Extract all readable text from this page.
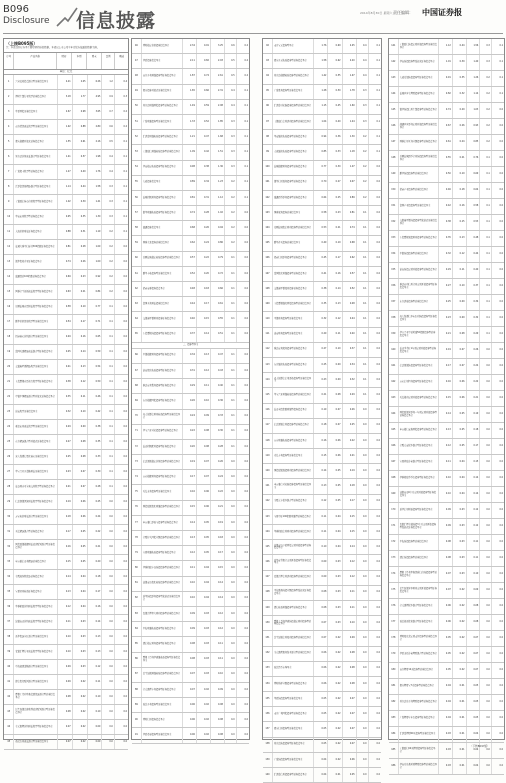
B096
Disclosure 信息披露	2014年8月30日 星期六 责任编辑： 中国证券报
（上接B095版）
注：本表仅列示各类主要财务指标的数据。本表以上市公司半年度报告披露的数据为准。
序号	产品名称	期初	本期	期末	比例	增减
单位：亿元
1	兴全趋势投资混合型证券投资基金	4.21	2.05	6.26	1.2	0.4
2	博时主题行业股票证券投资基金	3.18	1.77	4.95	0.9	0.3
3	华夏回报证券投资基金	2.67	0.98	3.65	0.7	0.2
4	南方绩优成长股票型证券投资基金	1.92	0.88	2.80	0.6	0.2
5	嘉实稳健开放式证券投资基金	1.55	0.61	2.16	0.5	0.1
6	易方达价值成长混合型证券投资基金	1.41	0.57	1.98	0.4	0.1
7	广发聚丰股票型证券投资基金	1.27	0.49	1.76	0.4	0.1
8	汇添富优势精选混合型证券投资基金	1.14	0.44	1.58	0.3	0.1
9	工银瑞信核心价值股票型证券投资基金	1.02	0.39	1.41	0.3	0.1
10	华安宏利股票型证券投资基金	0.95	0.35	1.30	0.3	0.1
11	大成价值增长证券投资基金	0.88	0.31	1.19	0.2	0.1
12	长城久泰中信标普300指数证券投资基金	0.81	0.28	1.09	0.2	0.0
13	银华优势企业证券投资基金	0.74	0.26	1.00	0.2	0.0
14	融通深证100指数证券投资基金	0.69	0.23	0.92	0.2	0.0
15	国泰金牛创新成长股票型证券投资基金	0.63	0.21	0.84	0.2	0.0
16	景顺长城内需增长股票型证券投资基金	0.58	0.19	0.77	0.1	0.0
17	鹏华价值优势股票型证券投资基金	0.54	0.17	0.71	0.1	0.0
18	招商核心价值混合型证券投资基金	0.49	0.16	0.65	0.1	0.0
19	富国天惠精选成长混合型证券投资基金	0.45	0.14	0.59	0.1	0.0
20	交银施罗德精选股票证券投资基金	0.41	0.13	0.54	0.1	0.0
21	上投摩根内需动力股票型证券投资基金	0.38	0.12	0.50	0.1	0.0
22	中银中国精选混合型开放式证券投资基金	0.35	0.11	0.46	0.1	0.0
23	诺安股票证券投资基金	0.32	0.10	0.42	0.1	0.0
24	泰达宏利成长股票型证券投资基金	0.29	0.09	0.38	0.1	0.0
25	东方精选混合型开放式证券投资基金	0.27	0.08	0.35	0.1	0.0
26	光大保德信量化核心证券投资基金	0.25	0.08	0.33	0.1	0.0
27	华宝兴业多策略增长证券投资基金	0.23	0.07	0.30	0.1	0.0
28	长盛同庆可分离交易股票型证券投资基金	0.21	0.07	0.28	0.1	0.0
29	信达澳银领先增长股票型证券投资基金	0.19	0.06	0.25	0.0	0.0
30	万家和谐增长混合型证券投资基金	0.18	0.06	0.24	0.0	0.0
31	天弘精选混合型证券投资基金	0.17	0.05	0.22	0.0	0.0
32	国投瑞银稳健增长灵活配置混合型证券投资基金	0.16	0.05	0.21	0.0	0.0
33	申万菱信盛利精选证券投资基金	0.15	0.05	0.20	0.0	0.0
34	金鹰成份股优选证券投资基金	0.14	0.04	0.18	0.0	0.0
35	宝盈鸿利收益证券投资基金	0.13	0.04	0.17	0.0	0.0
36	华泰柏瑞价值增长股票型证券投资基金	0.12	0.04	0.16	0.0	0.0
37	浦银安盛价值成长股票型证券投资基金	0.11	0.03	0.14	0.0	0.0
38	新华优选分红混合型证券投资基金	0.10	0.03	0.13	0.0	0.0
39	农银汇理行业成长股票型证券投资基金	0.10	0.03	0.13	0.0	0.0
40	中海能源策略混合型证券投资基金	0.09	0.03	0.12	0.0	0.0
41	建信优化配置混合型证券投资基金	0.09	0.02	0.11	0.0	0.0
42	摩根士丹利华鑫资源优选混合型证券投资基金	0.08	0.02	0.10	0.0	0.0
43	民生加银品牌蓝筹灵活配置混合型证券投资基金	0.08	0.02	0.10	0.0	0.0
44	金元惠理价值增长股票型证券投资基金	0.07	0.02	0.09	0.0	0.0
45	益民红利成长混合型证券投资基金	0.07	0.02	0.09	0.0	0.0
46	博时稳定价值债券投资基金	2.34	0.91	3.25	0.6	0.2
47	华夏债券投资基金	2.11	0.82	2.93	0.5	0.2
48	南方多利增强债券型证券投资基金	1.87	0.74	2.61	0.5	0.2
49	嘉实债券开放式证券投资基金	1.65	0.66	2.31	0.4	0.1
50	易方达增强回报债券型证券投资基金	1.49	0.59	2.08	0.4	0.1
51	广发增强债券型证券投资基金	1.33	0.52	1.85	0.3	0.1
52	汇添富增强收益债券型证券投资基金	1.21	0.47	1.68	0.3	0.1
53	工银瑞信增强收益债券型证券投资基金	1.09	0.42	1.51	0.3	0.1
54	华安稳定收益债券型证券投资基金	0.98	0.38	1.36	0.3	0.1
55	大成债券投资基金	0.89	0.34	1.23	0.2	0.1
56	长城积极增利债券型证券投资基金	0.81	0.31	1.12	0.2	0.1
57	银华增强收益债券型证券投资基金	0.74	0.28	1.02	0.2	0.0
58	融通债券投资基金	0.68	0.26	0.94	0.2	0.0
59	国泰金龙债券证券投资基金	0.62	0.24	0.86	0.2	0.0
60	景顺长城稳定收益债券型证券投资基金	0.57	0.22	0.79	0.1	0.0
61	鹏华丰收债券型证券投资基金	0.52	0.20	0.72	0.1	0.0
62	招商安泰债券投资基金	0.48	0.18	0.66	0.1	0.0
63	富国天利增长债券投资基金	0.44	0.17	0.61	0.1	0.0
64	交银施罗德增利债券证券投资基金	0.40	0.15	0.55	0.1	0.0
65	上投摩根纯债债券型证券投资基金	0.37	0.14	0.51	0.1	0.0
二、债券型基金						
66	中银稳健增利债券型证券投资基金	0.34	0.13	0.47	0.1	0.0
67	诺安优化收益债券型证券投资基金	0.31	0.12	0.43	0.1	0.0
68	泰达宏利集利债券型证券投资基金	0.29	0.11	0.40	0.1	0.0
69	东方稳健回报债券型证券投资基金	0.26	0.10	0.36	0.1	0.0
70	光大保德信增利收益债券型证券投资基金	0.24	0.09	0.33	0.1	0.0
71	华宝兴业可转债债券型证券投资基金	0.22	0.08	0.30	0.1	0.0
72	长盛积极配置债券型证券投资基金	0.20	0.08	0.28	0.1	0.0
73	信达澳银稳定价值债券型证券投资基金	0.19	0.07	0.26	0.0	0.0
74	万家稳健增利债券型证券投资基金	0.17	0.07	0.24	0.0	0.0
75	天弘永利债券型证券投资基金	0.16	0.06	0.22	0.0	0.0
76	国投瑞银优化增强债券型证券投资基金	0.15	0.06	0.21	0.0	0.0
77	申万菱信添益宝债券型证券投资基金	0.14	0.05	0.19	0.0	0.0
78	金鹰持久回报分级债券型证券投资基金	0.13	0.05	0.18	0.0	0.0
79	宝盈增强收益债券型证券投资基金	0.12	0.05	0.17	0.0	0.0
80	华泰柏瑞丰盛纯债债券型证券投资基金	0.11	0.04	0.15	0.0	0.0
81	浦银安盛优化收益债券型证券投资基金	0.10	0.04	0.14	0.0	0.0
82	新华纯债添利债券型发起式证券投资基金	0.10	0.04	0.14	0.0	0.0
83	农银汇理恒久增利债券型证券投资基金	0.09	0.03	0.12	0.0	0.0
84	中海增强收益债券型证券投资基金	0.09	0.03	0.12	0.0	0.0
85	建信稳定增利债券型证券投资基金	0.08	0.03	0.11	0.0	0.0
86	摩根士丹利华鑫强收益债券型证券投资基金	0.08	0.03	0.11	0.0	0.0
87	民生加银增强收益债券型证券投资基金	0.07	0.03	0.10	0.0	0.0
88	金元惠理丰利债券型证券投资基金	0.07	0.02	0.09	0.0	0.0
89	益民多利债券型证券投资基金	0.06	0.02	0.08	0.0	0.0
90	博时信用债券投资基金	0.06	0.02	0.08	0.0	0.0
91	华夏希望债券型证券投资基金	0.06	0.02	0.08	0.0	0.0
92	南方宝元债券型基金	1.76	0.69	2.45	0.4	0.1
93	嘉实多元收益债券型证券投资基金	1.58	0.62	2.20	0.4	0.1
94	易方达稳健收益债券型证券投资基金	1.42	0.55	1.97	0.4	0.1
95	广发聚利债券型证券投资基金	1.28	0.50	1.78	0.3	0.1
96	汇添富可转换债券债券型证券投资基金	1.15	0.45	1.60	0.3	0.1
97	工银瑞信信用添利债券型证券投资基金	1.04	0.40	1.44	0.3	0.1
98	华安强化收益债券型证券投资基金	0.94	0.36	1.30	0.2	0.1
99	大成强化收益债券型证券投资基金	0.85	0.33	1.18	0.2	0.1
100	长城稳健增利债券型证券投资基金	0.77	0.30	1.07	0.2	0.0
101	银华信用双利债券型证券投资基金	0.70	0.27	0.97	0.2	0.0
102	融通四季添利债券型证券投资基金	0.64	0.25	0.89	0.2	0.0
103	国泰双利债券证券投资基金	0.58	0.23	0.81	0.1	0.0
104	景顺长城优信增利债券型证券投资基金	0.53	0.21	0.74	0.1	0.0
105	鹏华普天债券证券投资基金	0.49	0.19	0.68	0.1	0.0
106	招商信用添利债券型证券投资基金	0.45	0.17	0.62	0.1	0.0
107	富国优化增强债券型证券投资基金	0.41	0.16	0.57	0.1	0.0
108	交银施罗德双利债券证券投资基金	0.38	0.14	0.52	0.1	0.0
109	上投摩根强化回报债券型证券投资基金	0.35	0.13	0.48	0.1	0.0
110	中银增利债券型证券投资基金	0.32	0.12	0.44	0.1	0.0
111	诺安增利债券型证券投资基金	0.29	0.11	0.40	0.1	0.0
112	泰达宏利聚利债券型证券投资基金	0.27	0.10	0.37	0.1	0.0
113	东方强化收益债券型证券投资基金	0.25	0.09	0.34	0.1	0.0
114	光大保德信信用添益债券型证券投资基金	0.23	0.09	0.32	0.1	0.0
115	华宝兴业增强收益债券型证券投资基金	0.21	0.08	0.29	0.1	0.0
116	长盛全债指数增强型债券投资基金	0.19	0.07	0.26	0.0	0.0
117	信达澳银信用债债券型证券投资基金	0.18	0.07	0.25	0.0	0.0
118	万家增强收益债券型证券投资基金	0.16	0.06	0.22	0.0	0.0
119	天弘丰利债券型证券投资基金	0.15	0.06	0.21	0.0	0.0
120	国投瑞银双债增利债券型证券投资基金	0.14	0.05	0.19	0.0	0.0
121	申万菱信可转换债券债券型证券投资基金	0.13	0.05	0.18	0.0	0.0
122	金鹰元丰保本混合型证券投资基金	0.12	0.05	0.17	0.0	0.0
123	宝盈中证100指数增强型证券投资基金	0.11	0.04	0.15	0.0	0.0
124	华泰柏瑞信用增利债券型证券投资基金	0.11	0.04	0.15	0.0	0.0
125	浦银安盛幸福回报定期开放债券型证券投资基金	0.10	0.04	0.14	0.0	0.0
126	新华安享惠金定期开放债券型证券投资基金	0.09	0.03	0.12	0.0	0.0
127	农银汇理信用添利债券型证券投资基金	0.09	0.03	0.12	0.0	0.0
128	中海惠裕纯债分级债券型发起式证券投资基金	0.08	0.03	0.11	0.0	0.0
129	建信收益增强债券型证券投资基金	0.08	0.03	0.11	0.0	0.0
130	摩根士丹利华鑫纯债稳定增利债券型证券投资基金	0.07	0.03	0.10	0.0	0.0
131	民生加银信用双利债券型证券投资基金	0.07	0.02	0.09	0.0	0.0
132	金元惠理惠利保本混合型证券投资基金	0.06	0.02	0.08	0.0	0.0
133	益民货币市场基金	0.06	0.02	0.08	0.0	0.0
134	博时裕祥分级债券型证券投资基金	0.06	0.02	0.08	0.0	0.0
135	华夏纯债债券型证券投资基金	0.05	0.02	0.07	0.0	0.0
136	南方广利回报债券型证券投资基金	0.05	0.02	0.07	0.0	0.0
137	嘉实信用债券型证券投资基金	0.05	0.02	0.07	0.0	0.0
138	易方达纯债债券型证券投资基金	0.05	0.02	0.07	0.0	0.0
139	广发纯债债券型证券投资基金	0.04	0.02	0.06	0.0	0.0
140	汇添富信用债债券型证券投资基金	0.04	0.01	0.05	0.0	0.0
141	工银瑞信纯债定期开放债券型证券投资基金	1.12	0.44	1.56	0.3	0.1
142	华安纯债债券型发起式证券投资基金	1.01	0.39	1.40	0.3	0.1
143	大成景旭纯债债券型证券投资基金	0.91	0.35	1.26	0.2	0.1
144	长城岁岁金理财债券型证券投资基金	0.82	0.32	1.14	0.2	0.1
145	银华纯债信用主题债券型证券投资基金	0.74	0.29	1.03	0.2	0.0
146	融通岁岁添利定期开放债券型证券投资基金	0.67	0.26	0.93	0.2	0.0
147	国泰信用互利分级债券型证券投资基金	0.61	0.24	0.85	0.2	0.0
148	景顺长城四季金利纯债债券型证券投资基金	0.55	0.21	0.76	0.1	0.0
149	鹏华纯债债券型证券投资基金	0.50	0.19	0.69	0.1	0.0
150	招商产业债券型证券投资基金	0.46	0.18	0.64	0.1	0.0
151	富国产业债债券型证券投资基金	0.42	0.16	0.58	0.1	0.0
152	交银施罗德纯债债券型发起式证券投资基金	0.38	0.15	0.53	0.1	0.0
153	上投摩根双债增利债券型证券投资基金	0.35	0.13	0.48	0.1	0.0
154	中银纯债债券型证券投资基金	0.32	0.12	0.44	0.1	0.0
155	诺安纯债定期开放债券型证券投资基金	0.29	0.11	0.40	0.1	0.0
156	泰达宏利信用合利定期开放债券型证券投资基金	0.27	0.10	0.37	0.1	0.0
157	东方添益债券型证券投资基金	0.25	0.09	0.34	0.1	0.0
158	光大保德信岁末红利纯债债券型证券投资基金	0.23	0.09	0.32	0.1	0.0
159	华宝兴业中证短融50指数债券型证券投资基金	0.21	0.08	0.29	0.1	0.0
160	长盛季季红1年期定期开放债券型证券投资基金	0.19	0.07	0.26	0.0	0.0
161	信达澳银纯债债券型证券投资基金	0.17	0.07	0.24	0.0	0.0
162	万家信用恒利债券型证券投资基金	0.16	0.06	0.22	0.0	0.0
163	天弘稳利定期开放债券型证券投资基金	0.15	0.06	0.21	0.0	0.0
164	国投瑞银岁添利一年期定期开放债券型证券投资基金	0.14	0.05	0.19	0.0	0.0
165	申万菱信安鑫回报债券型证券投资基金	0.13	0.05	0.18	0.0	0.0
166	金鹰元安保本混合型证券投资基金	0.12	0.05	0.17	0.0	0.0
167	宝盈祥瑞养老混合型证券投资基金	0.11	0.04	0.15	0.0	0.0
168	华泰柏瑞季季红债券型证券投资基金	0.10	0.04	0.14	0.0	0.0
169	浦银安盛6个月定期开放债券型证券投资基金	0.10	0.04	0.14	0.0	0.0
170	新华信用增益债券型证券投资基金	0.09	0.03	0.12	0.0	0.0
171	农银汇理金穗纯债3个月定期开放债券型发起式证券投资基金	0.09	0.03	0.12	0.0	0.0
172	中海纯债债券型证券投资基金	0.08	0.03	0.11	0.0	0.0
173	建信纯债债券型证券投资基金	0.08	0.03	0.11	0.0	0.0
174	摩根士丹利华鑫优质信价纯债债券型证券投资基金	0.07	0.03	0.10	0.0	0.0
175	民生加银岁岁增利定期开放债券型证券投资基金	0.07	0.02	0.09	0.0	0.0
176	金元惠理保本混合型证券投资基金	0.06	0.02	0.08	0.0	0.0
177	益民创新优势混合型证券投资基金	0.06	0.02	0.08	0.0	0.0
178	博时双月薪定期支付债券型证券投资基金	0.05	0.02	0.07	0.0	0.0
179	华夏永福养老理财混合型证券投资基金	0.05	0.02	0.07	0.0	0.0
180	南方理财14天债券型证券投资基金	0.05	0.02	0.07	0.0	0.0
181	嘉实理财宝7天债券型证券投资基金	0.04	0.01	0.05	0.0	0.0
182	易方达月月利理财债券型证券投资基金	0.04	0.01	0.05	0.0	0.0
183	广发理财年年红债券型证券投资基金	0.04	0.01	0.05	0.0	0.0
184	汇添富理财60天债券型证券投资基金	0.03	0.01	0.04	0.0	0.0
185	工银瑞信60天理财债券型证券投资基金	0.03	0.01	0.04	0.0	0.0
186	华安月月鑫短期理财债券型证券投资基金	0.03	0.01	0.04	0.0	0.0
（下转B097版）
